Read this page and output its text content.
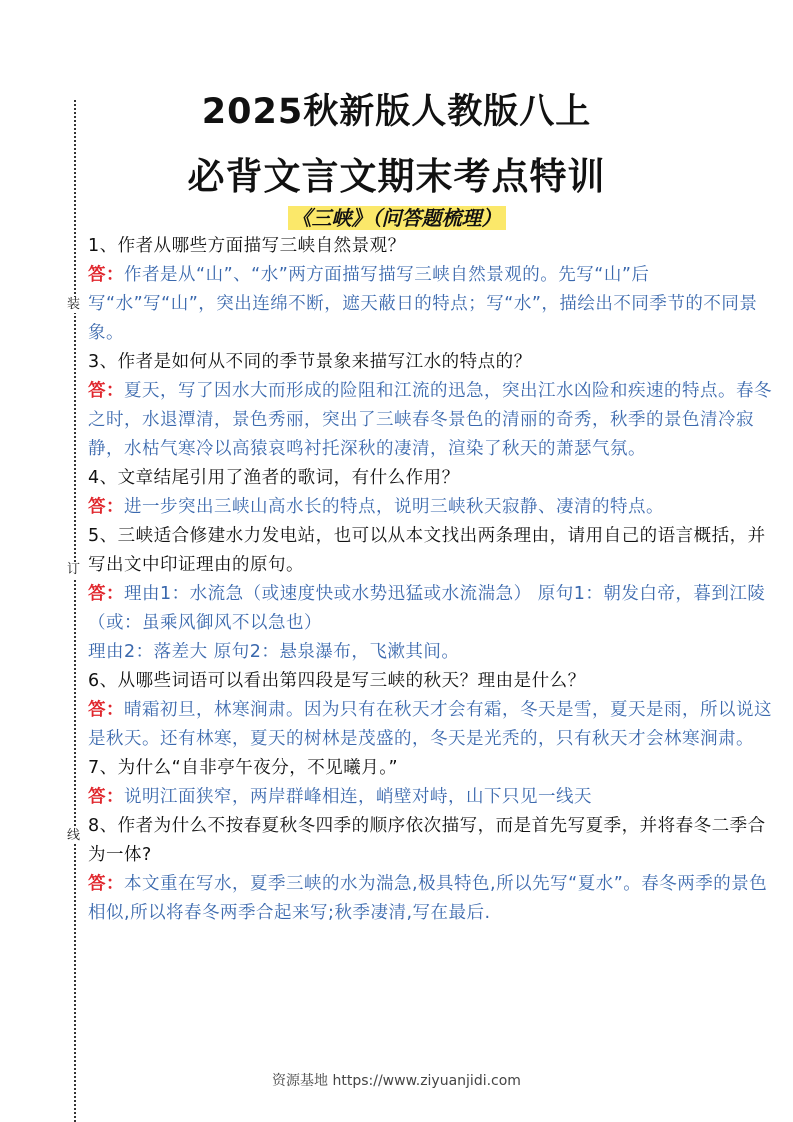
装
订
线
2025秋新版人教版八上
必背文言文期末考点特训
《三峡》（问答题梳理）

1、作者从哪些方面描写三峡自然景观？

答：作者是从“山”、“水”两方面描写描写三峡自然景观的。先写“山”后写“水”写“山”，突出连绵不断，遮天蔽日的特点；写“水”，描绘出不同季节的不同景象。

3、作者是如何从不同的季节景象来描写江水的特点的？

答：夏天，写了因水大而形成的险阻和江流的迅急，突出江水凶险和疾速的特点。春冬之时，水退潭清，景色秀丽，突出了三峡春冬景色的清丽的奇秀，秋季的景色清冷寂静，水枯气寒冷以高猿哀鸣衬托深秋的凄清，渲染了秋天的萧瑟气氛。

4、文章结尾引用了渔者的歌词，有什么作用？

答：进一步突出三峡山高水长的特点，说明三峡秋天寂静、凄清的特点。

5、三峡适合修建水力发电站，也可以从本文找出两条理由，请用自己的语言概括，并写出文中印证理由的原句。

答：理由1：水流急（或速度快或水势迅猛或水流湍急） 原句1：朝发白帝，暮到江陵（或：虽乘风御风不以急也）

理由2：落差大 原句2：悬泉瀑布，飞漱其间。

6、从哪些词语可以看出第四段是写三峡的秋天？理由是什么？

答：晴霜初旦，林寒涧肃。因为只有在秋天才会有霜，冬天是雪，夏天是雨，所以说这是秋天。还有林寒，夏天的树林是茂盛的，冬天是光秃的，只有秋天才会林寒涧肃。

7、为什么“自非亭午夜分，不见曦月。”

答：说明江面狭窄，两岸群峰相连，峭壁对峙，山下只见一线天

8、作者为什么不按春夏秋冬四季的顺序依次描写，而是首先写夏季，并将春冬二季合为一体?

答：本文重在写水，夏季三峡的水为湍急,极具特色,所以先写“夏水”。春冬两季的景色相似,所以将春冬两季合起来写;秋季凄清,写在最后.

资源基地 https://www.ziyuanjidi.com
